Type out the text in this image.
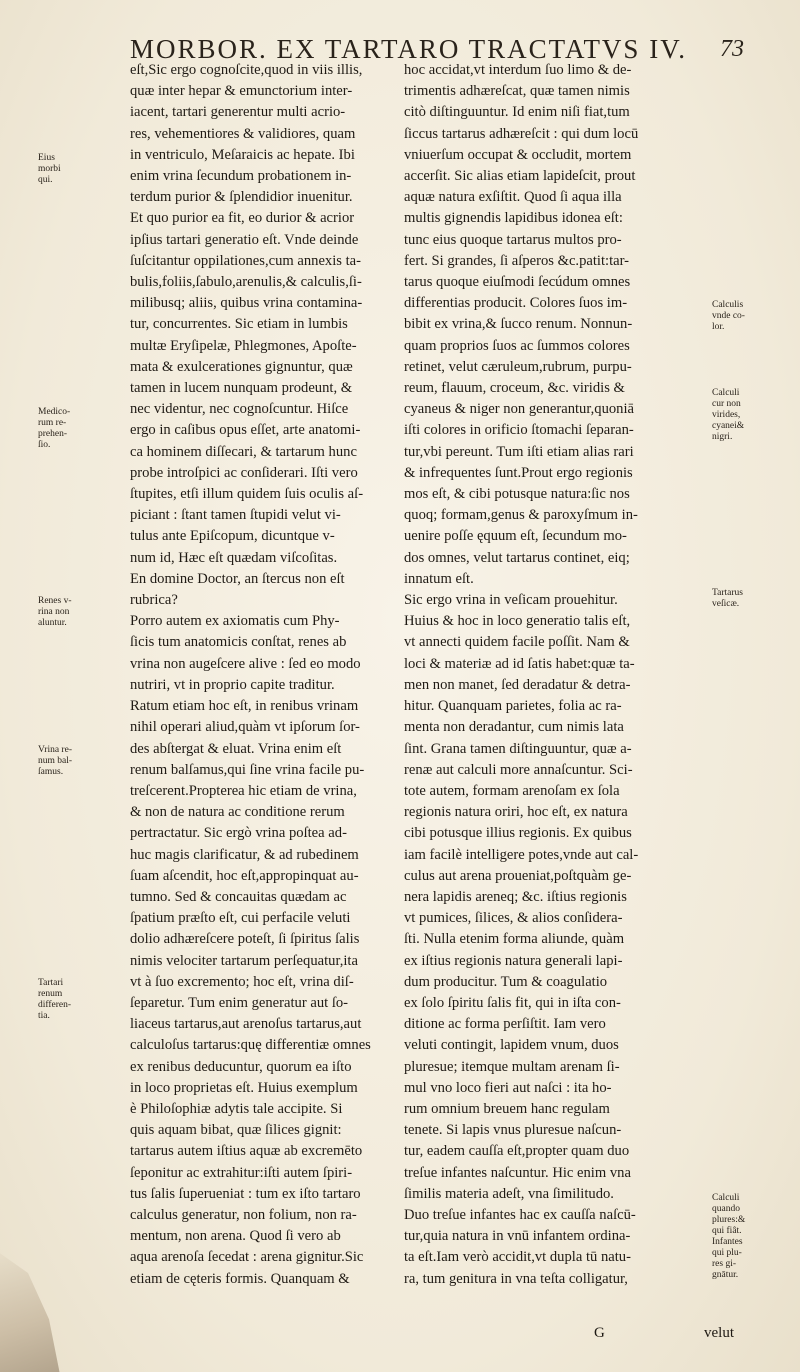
MORBOR. EX TARTARO TRACTATVS IV. 73
eſt,Sic ergo cognoſcite,quod in viis illis,
quæ inter hepar & emunctorium inter-
iacent, tartari generentur multi acrio-
res, vehementiores & validiores, quam
in ventriculo, Meſaraicis ac hepate. Ibi
enim vrina ſecundum probationem in-
terdum purior & ſplendidior inuenitur.
Et quo purior ea fit, eo durior & acrior
ipſius tartari generatio eſt. Vnde deinde
ſuſcitantur oppilationes,cum annexis ta-
bulis,foliis,ſabulo,arenulis,& calculis,ſi-
milibusq; aliis, quibus vrina contamina-
tur, concurrentes. Sic etiam in lumbis
multæ Eryſipelæ, Phlegmones, Apoſte-
mata & exulcerationes gignuntur, quæ
tamen in lucem nunquam prodeunt, &
nec videntur, nec cognoſcuntur. Hiſce
ergo in caſibus opus eſſet, arte anatomi-
ca hominem diſſecari, & tartarum hunc
probe introſpici ac conſiderari. Iſti vero
ſtupites, etſi illum quidem ſuis oculis aſ-
piciant : ſtant tamen ſtupidi velut vi-
tulus ante Epiſcopum, dicuntque v-
num id, Hæc eſt quædam viſcoſitas.
En domine Doctor, an ſtercus non eſt
rubrica?
Porro autem ex axiomatis cum Phy-
ſicis tum anatomicis conſtat, renes ab
vrina non augeſcere alive : ſed eo modo
nutriri, vt in proprio capite traditur.
Ratum etiam hoc eſt, in renibus vrinam
nihil operari aliud,quàm vt ipſorum ſor-
des abſtergat & eluat. Vrina enim eſt
renum balſamus,qui ſine vrina facile pu-
treſcerent.Propterea hic etiam de vrina,
& non de natura ac conditione rerum
pertractatur. Sic ergò vrina poſtea ad-
huc magis clarificatur, & ad rubedinem
ſuam aſcendit, hoc eſt,appropinquat au-
tumno. Sed & concauitas quædam ac
ſpatium præſto eſt, cui perfacile veluti
dolio adhæreſcere poteſt, ſi ſpiritus ſalis
nimis velociter tartarum perſequatur,ita
vt à ſuo excremento; hoc eſt, vrina diſ-
ſeparetur. Tum enim generatur aut ſo-
liaceus tartarus,aut arenoſus tartarus,aut
calculoſus tartarus:quę differentiæ omnes
ex renibus deducuntur, quorum ea iſto
in loco proprietas eſt. Huius exemplum
è Philoſophiæ adytis tale accipite. Si
quis aquam bibat, quæ ſilices gignit:
tartarus autem iſtius aquæ ab excremēto
ſeponitur ac extrahitur:iſti autem ſpiri-
tus ſalis ſuperueniat : tum ex iſto tartaro
calculus generatur, non folium, non ra-
mentum, non arena. Quod ſi vero ab
aqua arenoſa ſecedat : arena gignitur.Sic
etiam de cęteris formis. Quanquam &
hoc accidat,vt interdum ſuo limo & de-
trimentis adhæreſcat, quæ tamen nimis
citò diſtinguuntur. Id enim niſi fiat,tum
ſiccus tartarus adhæreſcit : qui dum locū
vniuerſum occupat & occludit, mortem
accerſit. Sic alias etiam lapideſcit, prout
aquæ natura exſiſtit. Quod ſi aqua illa
multis gignendis lapidibus idonea eſt:
tunc eius quoque tartarus multos pro-
fert. Si grandes, ſi aſperos &c.patit:tar-
tarus quoque eiuſmodi ſecúdum omnes
differentias producit. Colores ſuos im-
bibit ex vrina,& ſucco renum. Nonnun-
quam proprios ſuos ac ſummos colores
retinet, velut cæruleum,rubrum, purpu-
reum, flauum, croceum, &c. viridis &
cyaneus & niger non generantur,quoniā
iſti colores in orificio ſtomachi ſeparan-
tur,vbi pereunt. Tum iſti etiam alias rari
& infrequentes ſunt.Prout ergo regionis
mos eſt, & cibi potusque natura:ſic nos
quoq; formam,genus & paroxyſmum in-
uenire poſſe ęquum eſt, ſecundum mo-
dos omnes, velut tartarus continet, eiq;
innatum eſt.
Sic ergo vrina in veſicam prouehitur.
Huius & hoc in loco generatio talis eſt,
vt annecti quidem facile poſſit. Nam &
loci & materiæ ad id ſatis habet:quæ ta-
men non manet, ſed deradatur & detra-
hitur. Quanquam parietes, folia ac ra-
menta non deradantur, cum nimis lata
ſint. Grana tamen diſtinguuntur, quæ a-
renæ aut calculi more annaſcuntur. Sci-
tote autem, formam arenoſam ex ſola
regionis natura oriri, hoc eſt, ex natura
cibi potusque illius regionis. Ex quibus
iam facilè intelligere potes,vnde aut cal-
culus aut arena proueniat,poſtquàm ge-
nera lapidis areneq; &c. iſtius regionis
vt pumices, ſilices, & alios conſidera-
ſti. Nulla etenim forma aliunde, quàm
ex iſtius regionis natura generali lapi-
dum producitur. Tum & coagulatio
ex ſolo ſpiritu ſalis fit, qui in iſta con-
ditione ac forma perſiſtit. Iam vero
veluti contingit, lapidem vnum, duos
pluresue; itemque multam arenam ſi-
mul vno loco fieri aut naſci : ita ho-
rum omnium breuem hanc regulam
tenete. Si lapis vnus pluresue naſcun-
tur, eadem cauſſa eſt,propter quam duo
treſue infantes naſcuntur. Hic enim vna
ſimilis materia adeſt, vna ſimilitudo.
Duo treſue infantes hac ex cauſſa naſcū-
tur,quia natura in vnū infantem ordina-
ta eſt.Iam verò accidit,vt dupla tū natu-
ra, tum genitura in vna teſta colligatur,
Eius
morbi
qui.
Medico-
rum re-
prehen-
ſio.
Renes v-
rina non
aluntur.
Vrina re-
num bal-
ſamus.
Tartari
renum
differen-
tia.
Calculis
vnde co-
lor.
Calculi
cur non
virides,
cyanei&
nigri.
Tartarus
veſicæ.
Calculi
quando
plures:&
qui fiât.
Infantes
qui plu-
res gi-
gnātur.
G	velut
